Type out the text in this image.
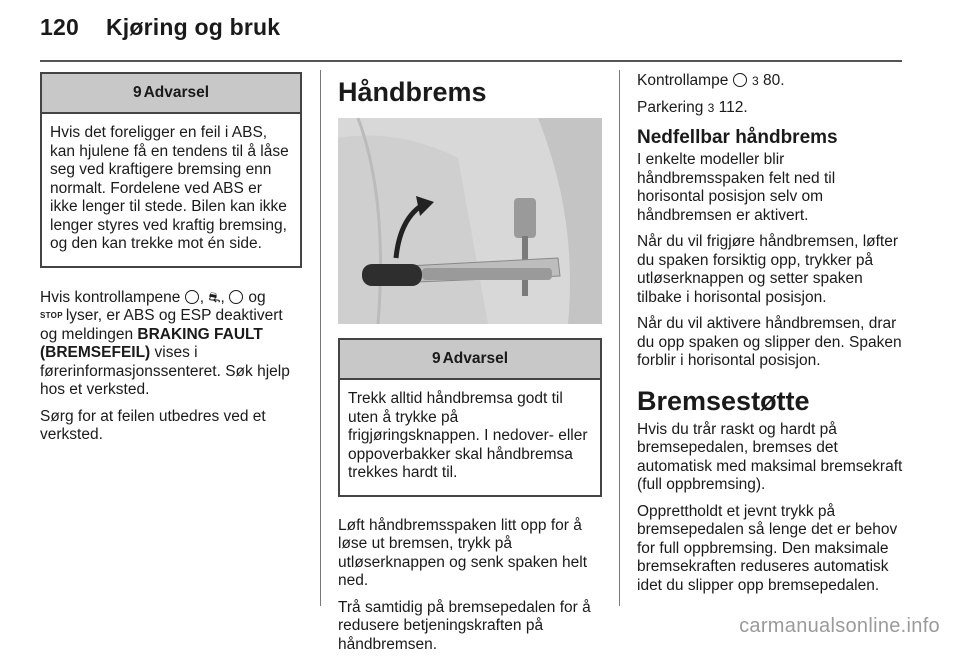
120 Kjøring og bruk
9 Advarsel
Hvis det foreligger en feil i ABS, kan hjulene få en tendens til å låse seg ved kraftigere bremsing enn normalt. Fordelene ved ABS er ikke lenger til stede. Bilen kan ikke lenger styres ved kraftig bremsing, og den kan trekke mot én side.

Hvis kontrollampene , ⛐, og
STOP lyser, er ABS og ESP deaktivert og meldingen BRAKING FAULT (BREMSEFEIL) vises i førerinformasjonssenteret. Søk hjelp hos et verksted.

Sørg for at feilen utbedres ved et verksted.

Håndbrems
9 Advarsel
Trekk alltid håndbremsa godt til uten å trykke på frigjøringsknappen. I nedover- eller oppoverbakker skal håndbremsa trekkes hardt til.

Løft håndbremsspaken litt opp for å løse ut bremsen, trykk på utløserknappen og senk spaken helt ned.

Trå samtidig på bremsepedalen for å redusere betjeningskraften på håndbremsen.

Kontrollampe 3 80.

Parkering 3 112.

Nedfellbar håndbrems

I enkelte modeller blir håndbremsspaken felt ned til horisontal posisjon selv om håndbremsen er aktivert.

Når du vil frigjøre håndbremsen, løfter du spaken forsiktig opp, trykker på utløserknappen og setter spaken tilbake i horisontal posisjon.

Når du vil aktivere håndbremsen, drar du opp spaken og slipper den. Spaken forblir i horisontal posisjon.

Bremsestøtte

Hvis du trår raskt og hardt på bremsepedalen, bremses det automatisk med maksimal bremsekraft (full oppbremsing).

Opprettholdt et jevnt trykk på bremsepedalen så lenge det er behov for full oppbremsing. Den maksimale bremsekraften reduseres automatisk idet du slipper opp bremsepedalen.

carmanualsonline.info
